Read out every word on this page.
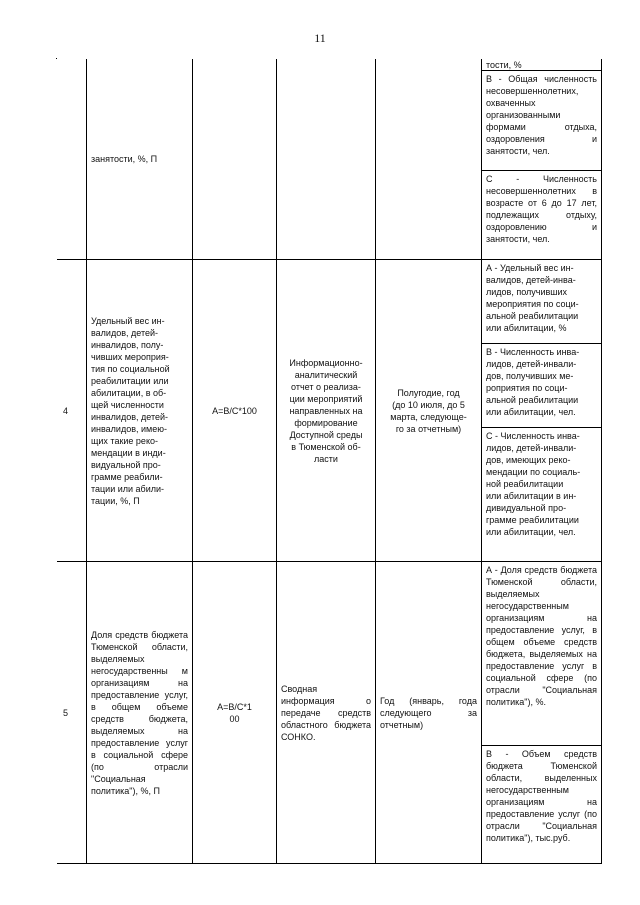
11
занятости, %, П
тости, %
В - Общая численность несовершеннолетних, охваченных организованными формами отдыха, оздоровления и занятости, чел.
С - Численность несовершеннолетних в возрасте от 6 до 17 лет, подлежащих отдыху, оздоровлению и занятости, чел.
4
Удельный вес ин-
валидов, детей-
инвалидов, полу-
чивших мероприя-
тия по социальной
реабилитации или
абилитации, в об-
щей численности
инвалидов, детей-
инвалидов, имею-
щих такие реко-
мендации в инди-
видуальной про-
грамме реабили-
тации или абили-
тации, %, П
A=B/C*100
Информационно-
аналитический
отчет о реализа-
ции мероприятий
направленных на
формирование
Доступной среды
в Тюменской об-
ласти
Полугодие, год
(до 10 июля, до 5
марта, следующе-
го за отчетным)
А - Удельный вес ин-
валидов, детей-инва-
лидов, получивших
мероприятия по соци-
альной реабилитации
или абилитации, %
В - Численность инва-
лидов, детей-инвали-
дов, получивших ме-
роприятия по соци-
альной реабилитации
или абилитации, чел.
С - Численность инва-
лидов, детей-инвали-
дов, имеющих реко-
мендации по социаль-
ной реабилитации
или абилитации в ин-
дивидуальной про-
грамме реабилитации
или абилитации, чел.
5
Доля средств бюджета Тюменской области, выделяемых негосударственны м организациям на предоставление услуг, в общем объеме средств бюджета, выделяемых на предоставление услуг в социальной сфере (по отрасли "Социальная политика"), %, П
A=B/C*1
00
Сводная информация о передаче средств областного бюджета СОНКО.
Год (январь, года следующего за отчетным)
А - Доля средств бюджета Тюменской области, выделяемых негосударственным организациям на предоставление услуг, в общем объеме средств бюджета, выделяемых на предоставление услуг в социальной сфере (по отрасли "Социальная политика"), %.
В - Объем средств бюджета Тюменской области, выделенных негосударственным организациям на предоставление услуг (по отрасли "Социальная политика"), тыс.руб.
